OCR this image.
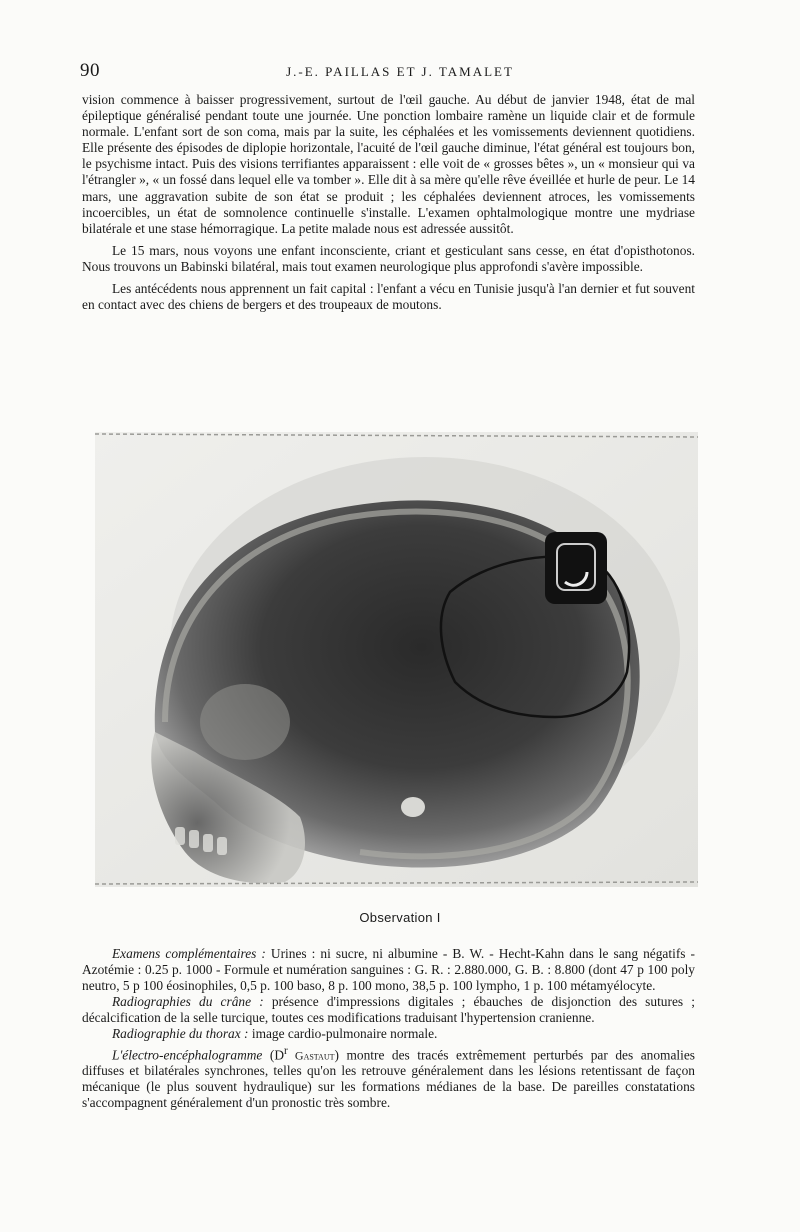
90	J.-E. PAILLAS ET J. TAMALET

vision commence à baisser progressivement, surtout de l'œil gauche. Au début de janvier 1948, état de mal épileptique généralisé pendant toute une journée. Une ponction lombaire ramène un liquide clair et de formule normale. L'enfant sort de son coma, mais par la suite, les céphalées et les vomissements deviennent quotidiens. Elle présente des épisodes de diplopie horizontale, l'acuité de l'œil gauche diminue, l'état général est toujours bon, le psychisme intact. Puis des visions terrifiantes apparaissent : elle voit de « grosses bêtes », un « monsieur qui va l'étrangler », « un fossé dans lequel elle va tomber ». Elle dit à sa mère qu'elle rêve éveillée et hurle de peur. Le 14 mars, une aggravation subite de son état se produit ; les céphalées deviennent atroces, les vomissements incoercibles, un état de somnolence continuelle s'installe. L'examen ophtalmologique montre une mydriase bilatérale et une stase hémorragique. La petite malade nous est adressée aussitôt.

Le 15 mars, nous voyons une enfant inconsciente, criant et gesticulant sans cesse, en état d'opisthotonos. Nous trouvons un Babinski bilatéral, mais tout examen neurologique plus approfondi s'avère impossible.

Les antécédents nous apprennent un fait capital : l'enfant a vécu en Tunisie jusqu'à l'an dernier et fut souvent en contact avec des chiens de bergers et des troupeaux de moutons.

Observation I

Examens complémentaires : Urines : ni sucre, ni albumine - B. W. - Hecht-Kahn dans le sang négatifs - Azotémie : 0.25 p. 1000 - Formule et numération sanguines : G. R. : 2.880.000, G. B. : 8.800 (dont 47 p 100 poly neutro, 5 p 100 éosinophiles, 0,5 p. 100 baso, 8 p. 100 mono, 38,5 p. 100 lympho, 1 p. 100 métamyélocyte.

Radiographies du crâne : présence d'impressions digitales ; ébauches de disjonction des sutures ; décalcification de la selle turcique, toutes ces modifications traduisant l'hypertension cranienne.

Radiographie du thorax : image cardio-pulmonaire normale.

L'électro-encéphalogramme ($D^r$ Gastaut) montre des tracés extrêmement perturbés par des anomalies diffuses et bilatérales synchrones, telles qu'on les retrouve généralement dans les lésions retentissant de façon mécanique (le plus souvent hydraulique) sur les formations médianes de la base. De pareilles constatations s'accompagnent généralement d'un pronostic très sombre.
